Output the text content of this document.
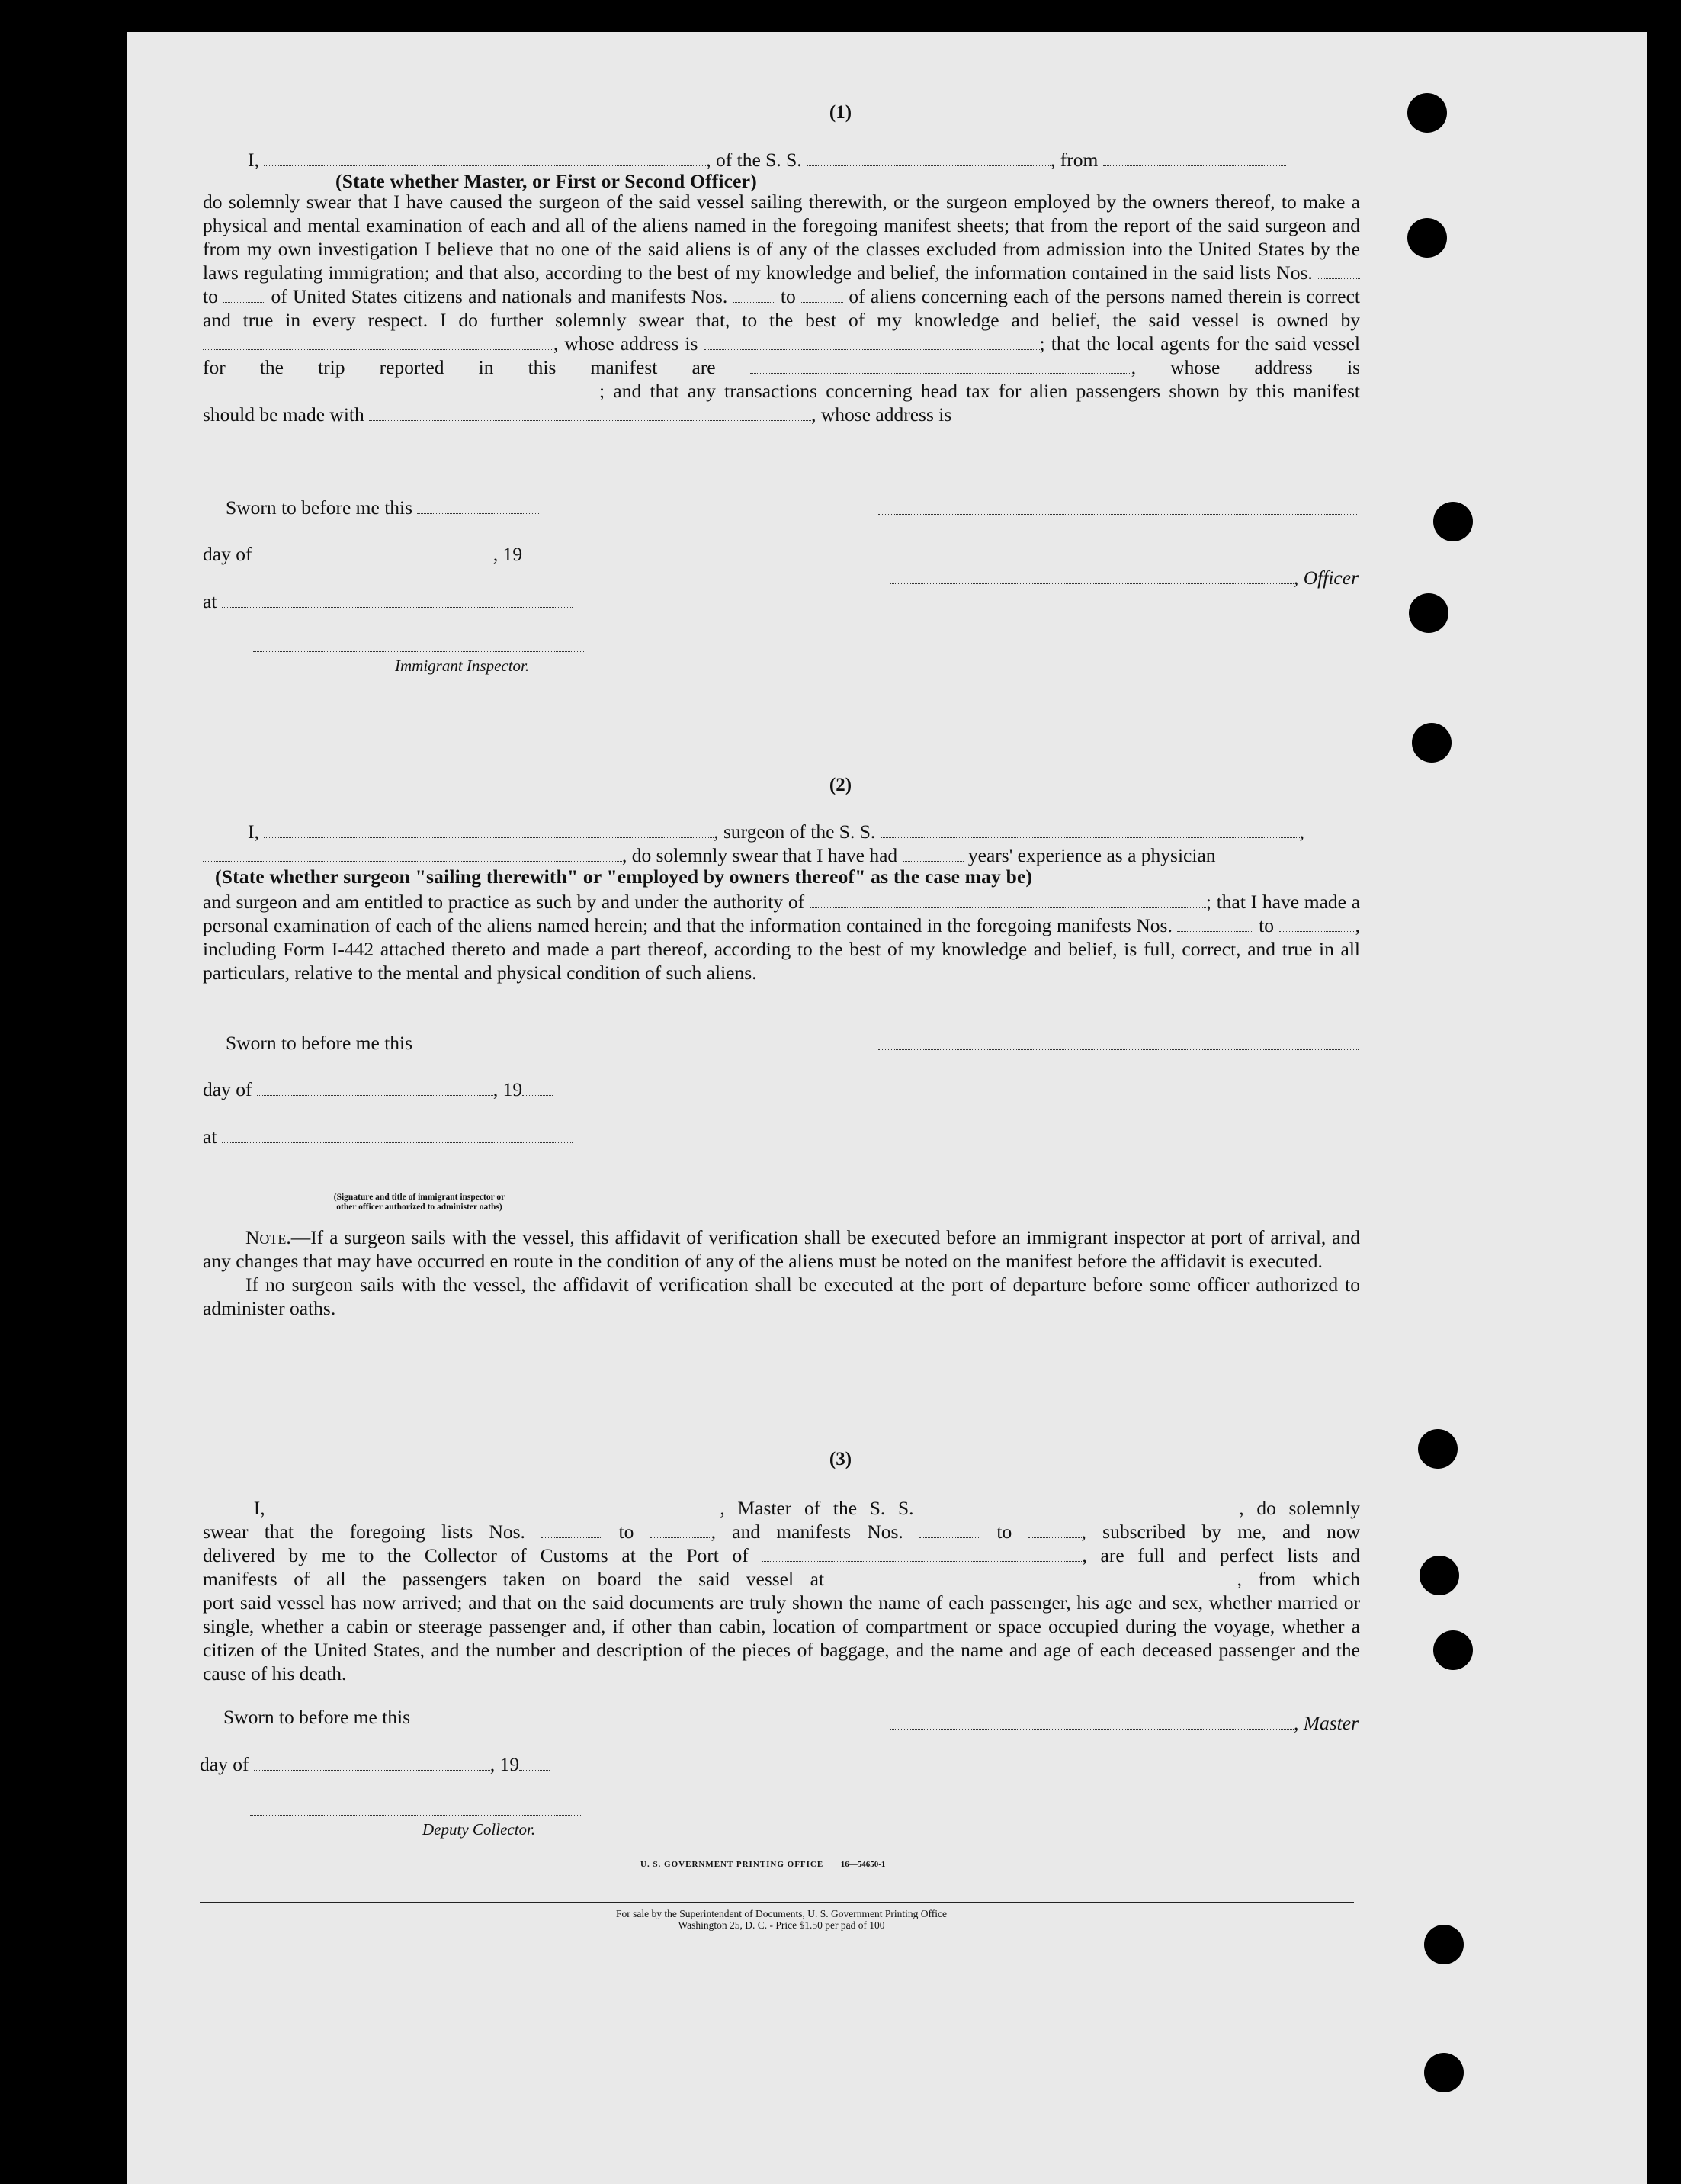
(1)
I,	, of the S. S.	, from
(State whether Master, or First or Second Officer)

do solemnly swear that I have caused the surgeon of the said vessel sailing therewith, or the surgeon employed by the owners thereof, to make a physical and mental examination of each and all of the aliens named in the foregoing manifest sheets; that from the report of the said surgeon and from my own investigation I believe that no one of the said aliens is of any of the classes excluded from admission into the United States by the laws regulating immigration; and that also, according to the best of my knowledge and belief, the information contained in the said lists Nos.  to	of United States citizens and nationals and manifests Nos.	to	of aliens concerning each of the persons named therein is correct and true in every respect. I do further solemnly swear that, to the best of my knowledge and belief, the said vessel is owned by , whose address is	; that the local agents for the said vessel for the trip reported in this manifest are	, whose address is ; and that any transactions concerning head tax for alien passengers shown by this manifest should be made with	, whose address is

Sworn to before me this
day of	, 19
, Officer
at
Immigrant Inspector.
(2)
I,	, surgeon of the S. S.	,
, do solemnly swear that I have had	years' experience as a physician
(State whether surgeon "sailing therewith" or "employed by owners thereof" as the case may be)

and surgeon and am entitled to practice as such by and under the authority of	; that I have made a personal examination of each of the aliens named herein; and that the information contained in the foregoing manifests Nos.	to	, including Form I-442 attached thereto and made a part thereof, according to the best of my knowledge and belief, is full, correct, and true in all particulars, relative to the mental and physical condition of such aliens.

Sworn to before me this
day of	, 19
at
(Signature and title of immigrant inspector or
other officer authorized to administer oaths)

Note.—If a surgeon sails with the vessel, this affidavit of verification shall be executed before an immigrant inspector at port of arrival, and any changes that may have occurred en route in the condition of any of the aliens must be noted on the manifest before the affidavit is executed.

If no surgeon sails with the vessel, the affidavit of verification shall be executed at the port of departure before some officer authorized to administer oaths.

(3)
I,	, Master of the S. S.	, do solemnly
swear that the foregoing lists Nos.	to	, and manifests Nos.	to	, subscribed by me, and now
delivered by me to the Collector of Customs at the Port of	, are full and perfect lists and
manifests of all the passengers taken on board the said vessel at	, from which

port said vessel has now arrived; and that on the said documents are truly shown the name of each passenger, his age and sex, whether married or single, whether a cabin or steerage passenger and, if other than cabin, location of compartment or space occupied during the voyage, whether a citizen of the United States, and the number and description of the pieces of baggage, and the name and age of each deceased passenger and the cause of his death.

Sworn to before me this	, Master
day of	, 19
Deputy Collector.
U. S. GOVERNMENT PRINTING OFFICE 16—54650-1
For sale by the Superintendent of Documents, U. S. Government Printing Office
Washington 25, D. C. - Price $1.50 per pad of 100
